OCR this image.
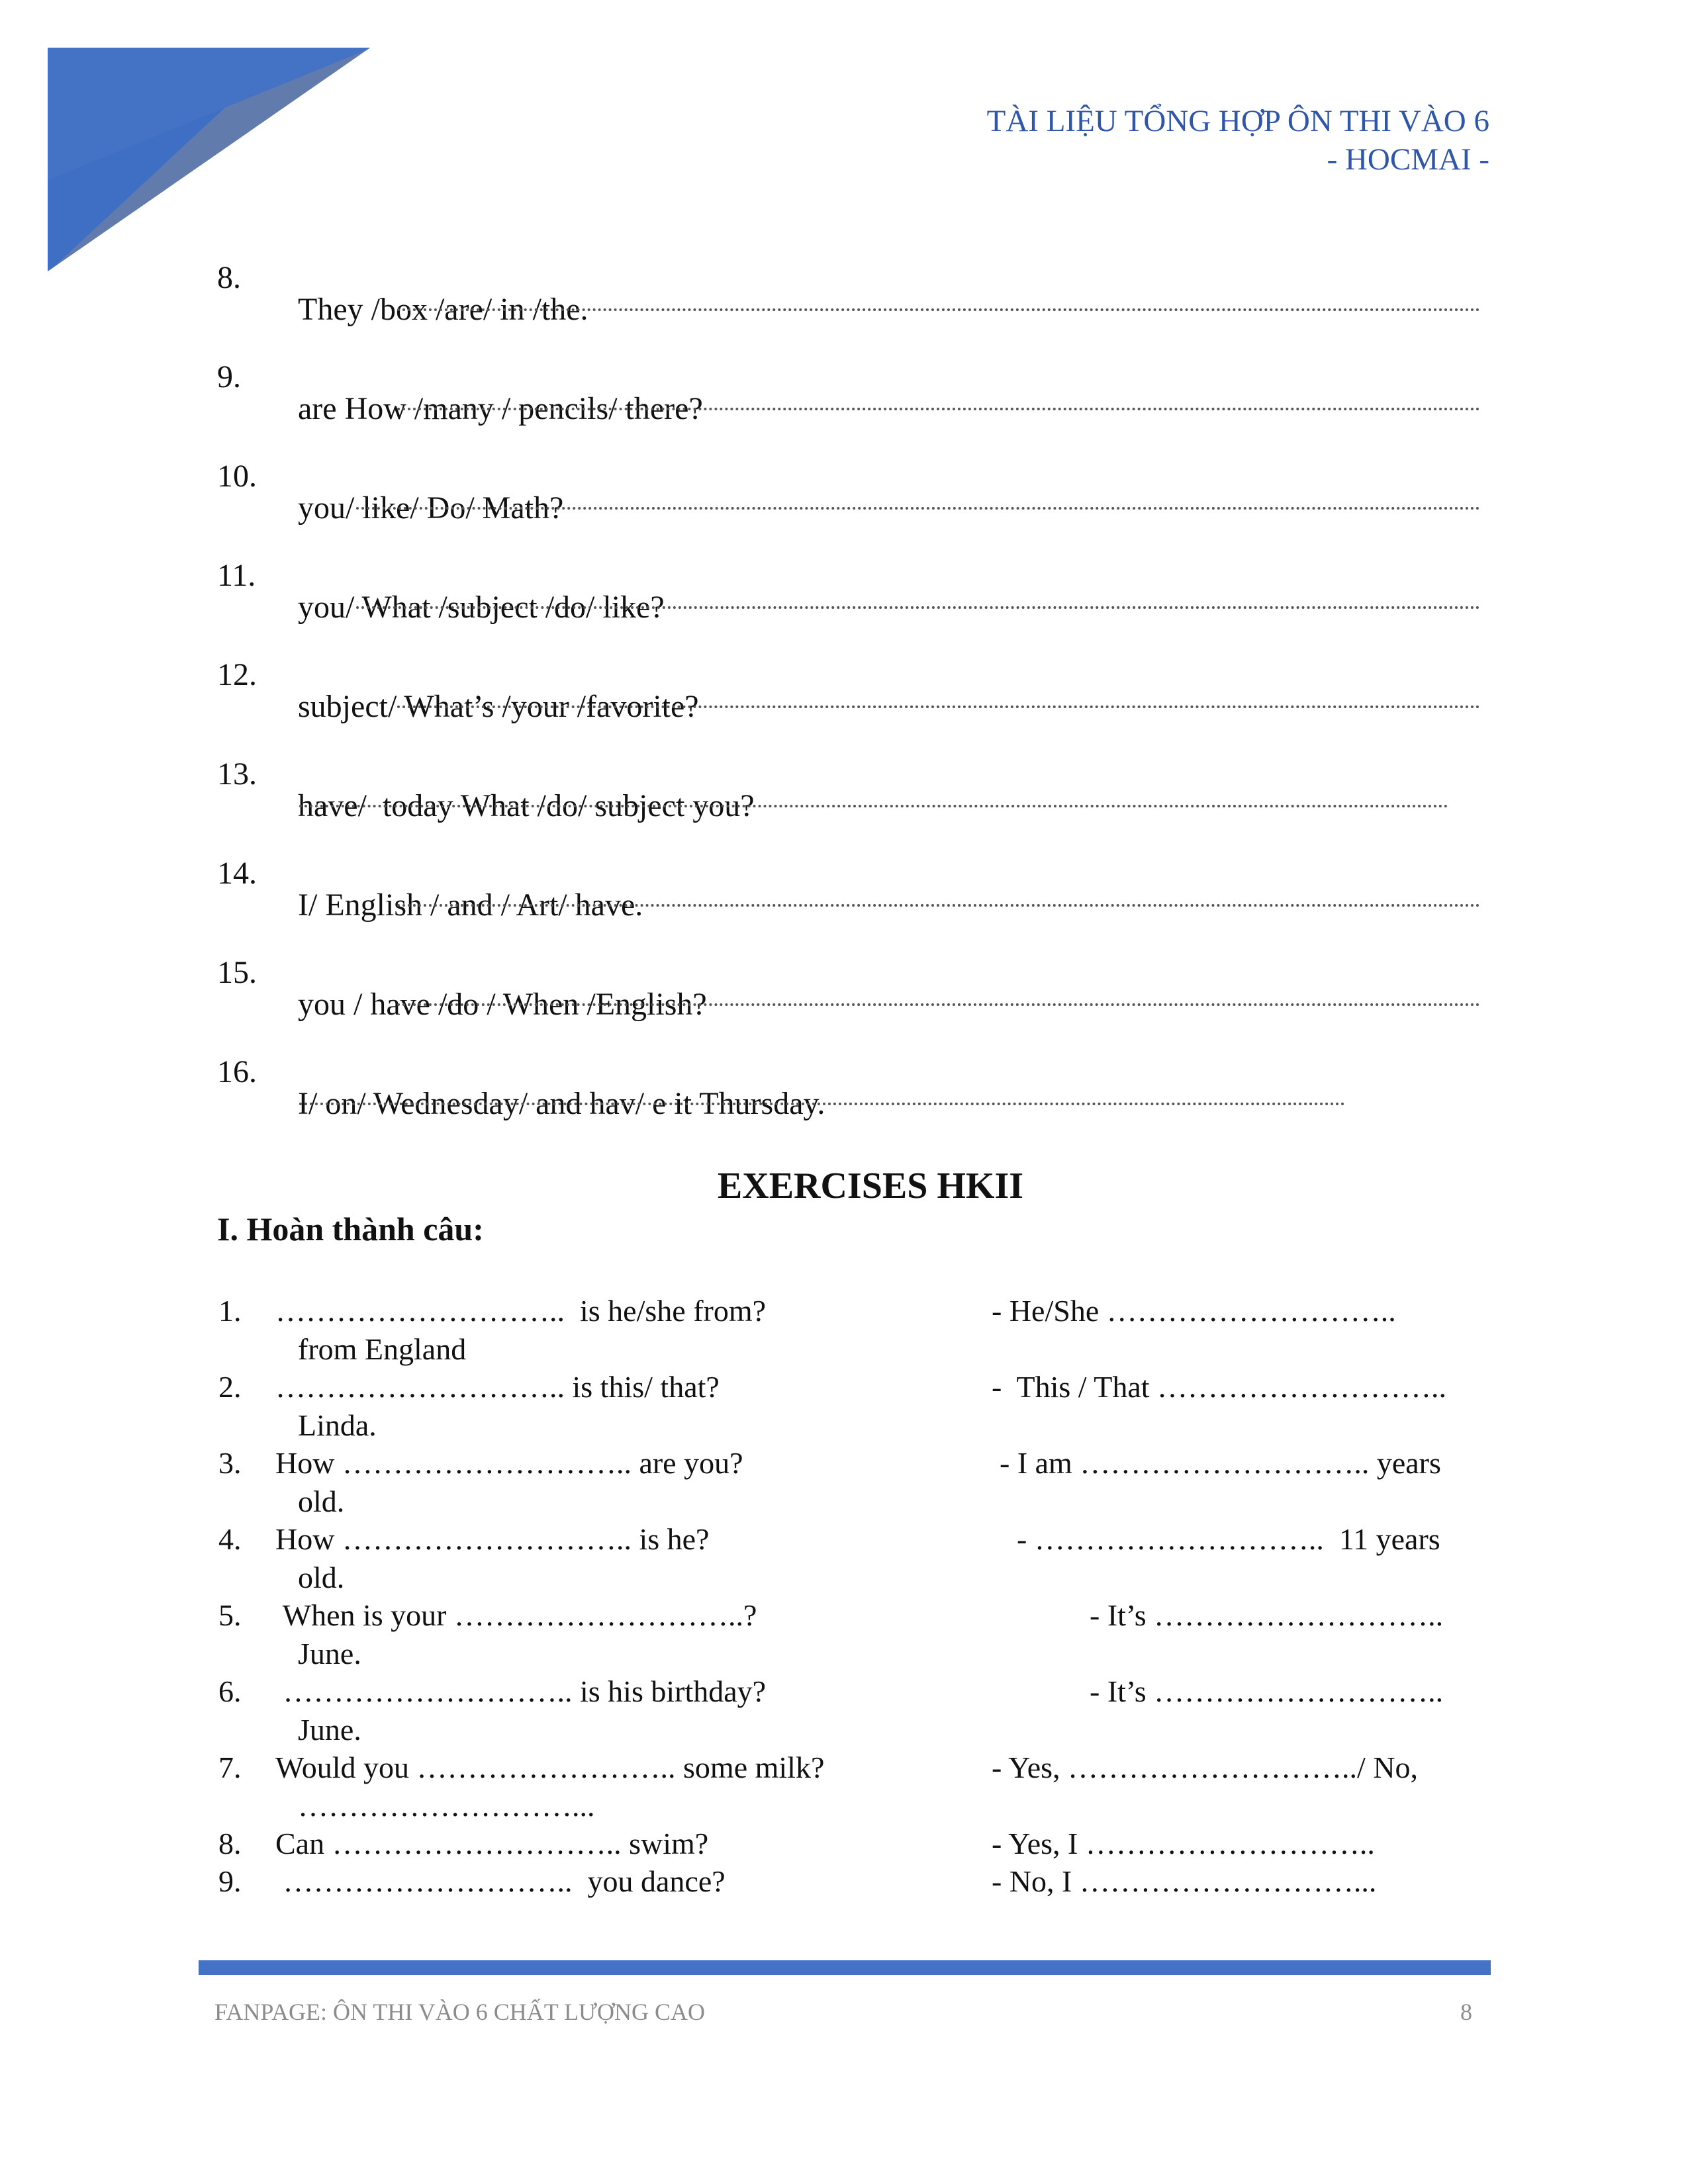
TÀI LIỆU TỔNG HỢP ÔN THI VÀO 6
- HOCMAI -

8.

They /box /are/ in /the.

9.

are How /many / pencils/ there?

10.

you/ like/ Do/ Math?

11.

you/ What /subject /do/ like?

12.

subject/ What’s /your /favorite?

13.

have/  today What /do/ subject you?

14.

I/ English / and / Art/ have.

15.

you / have /do / When /English?

16.

I/ on/ Wednesday/ and hav/ e it Thursday.

EXERCISES HKII
I. Hoàn thành câu:
1. ………………………..  is he/she from?	- He/She ………………………..
from England
2. ……………………….. is this/ that?	-  This / That ………………………..
Linda.
3. How ……………………….. are you?	- I am ……………………….. years
old.
4. How ……………………….. is he?	- ………………………..  11 years
old.
5. When is your ………………………..?	- It’s ………………………..
June.
6. ……………………….. is his birthday?	- It’s ………………………..
June.
7. Would you …………………….. some milk?	- Yes, ………………………../ No,
………………………...
8. Can ……………………….. swim?	- Yes, I ………………………..
9. ………………………..  you dance?	- No, I ………………………...
FANPAGE: ÔN THI VÀO 6 CHẤT LƯỢNG CAO	8
